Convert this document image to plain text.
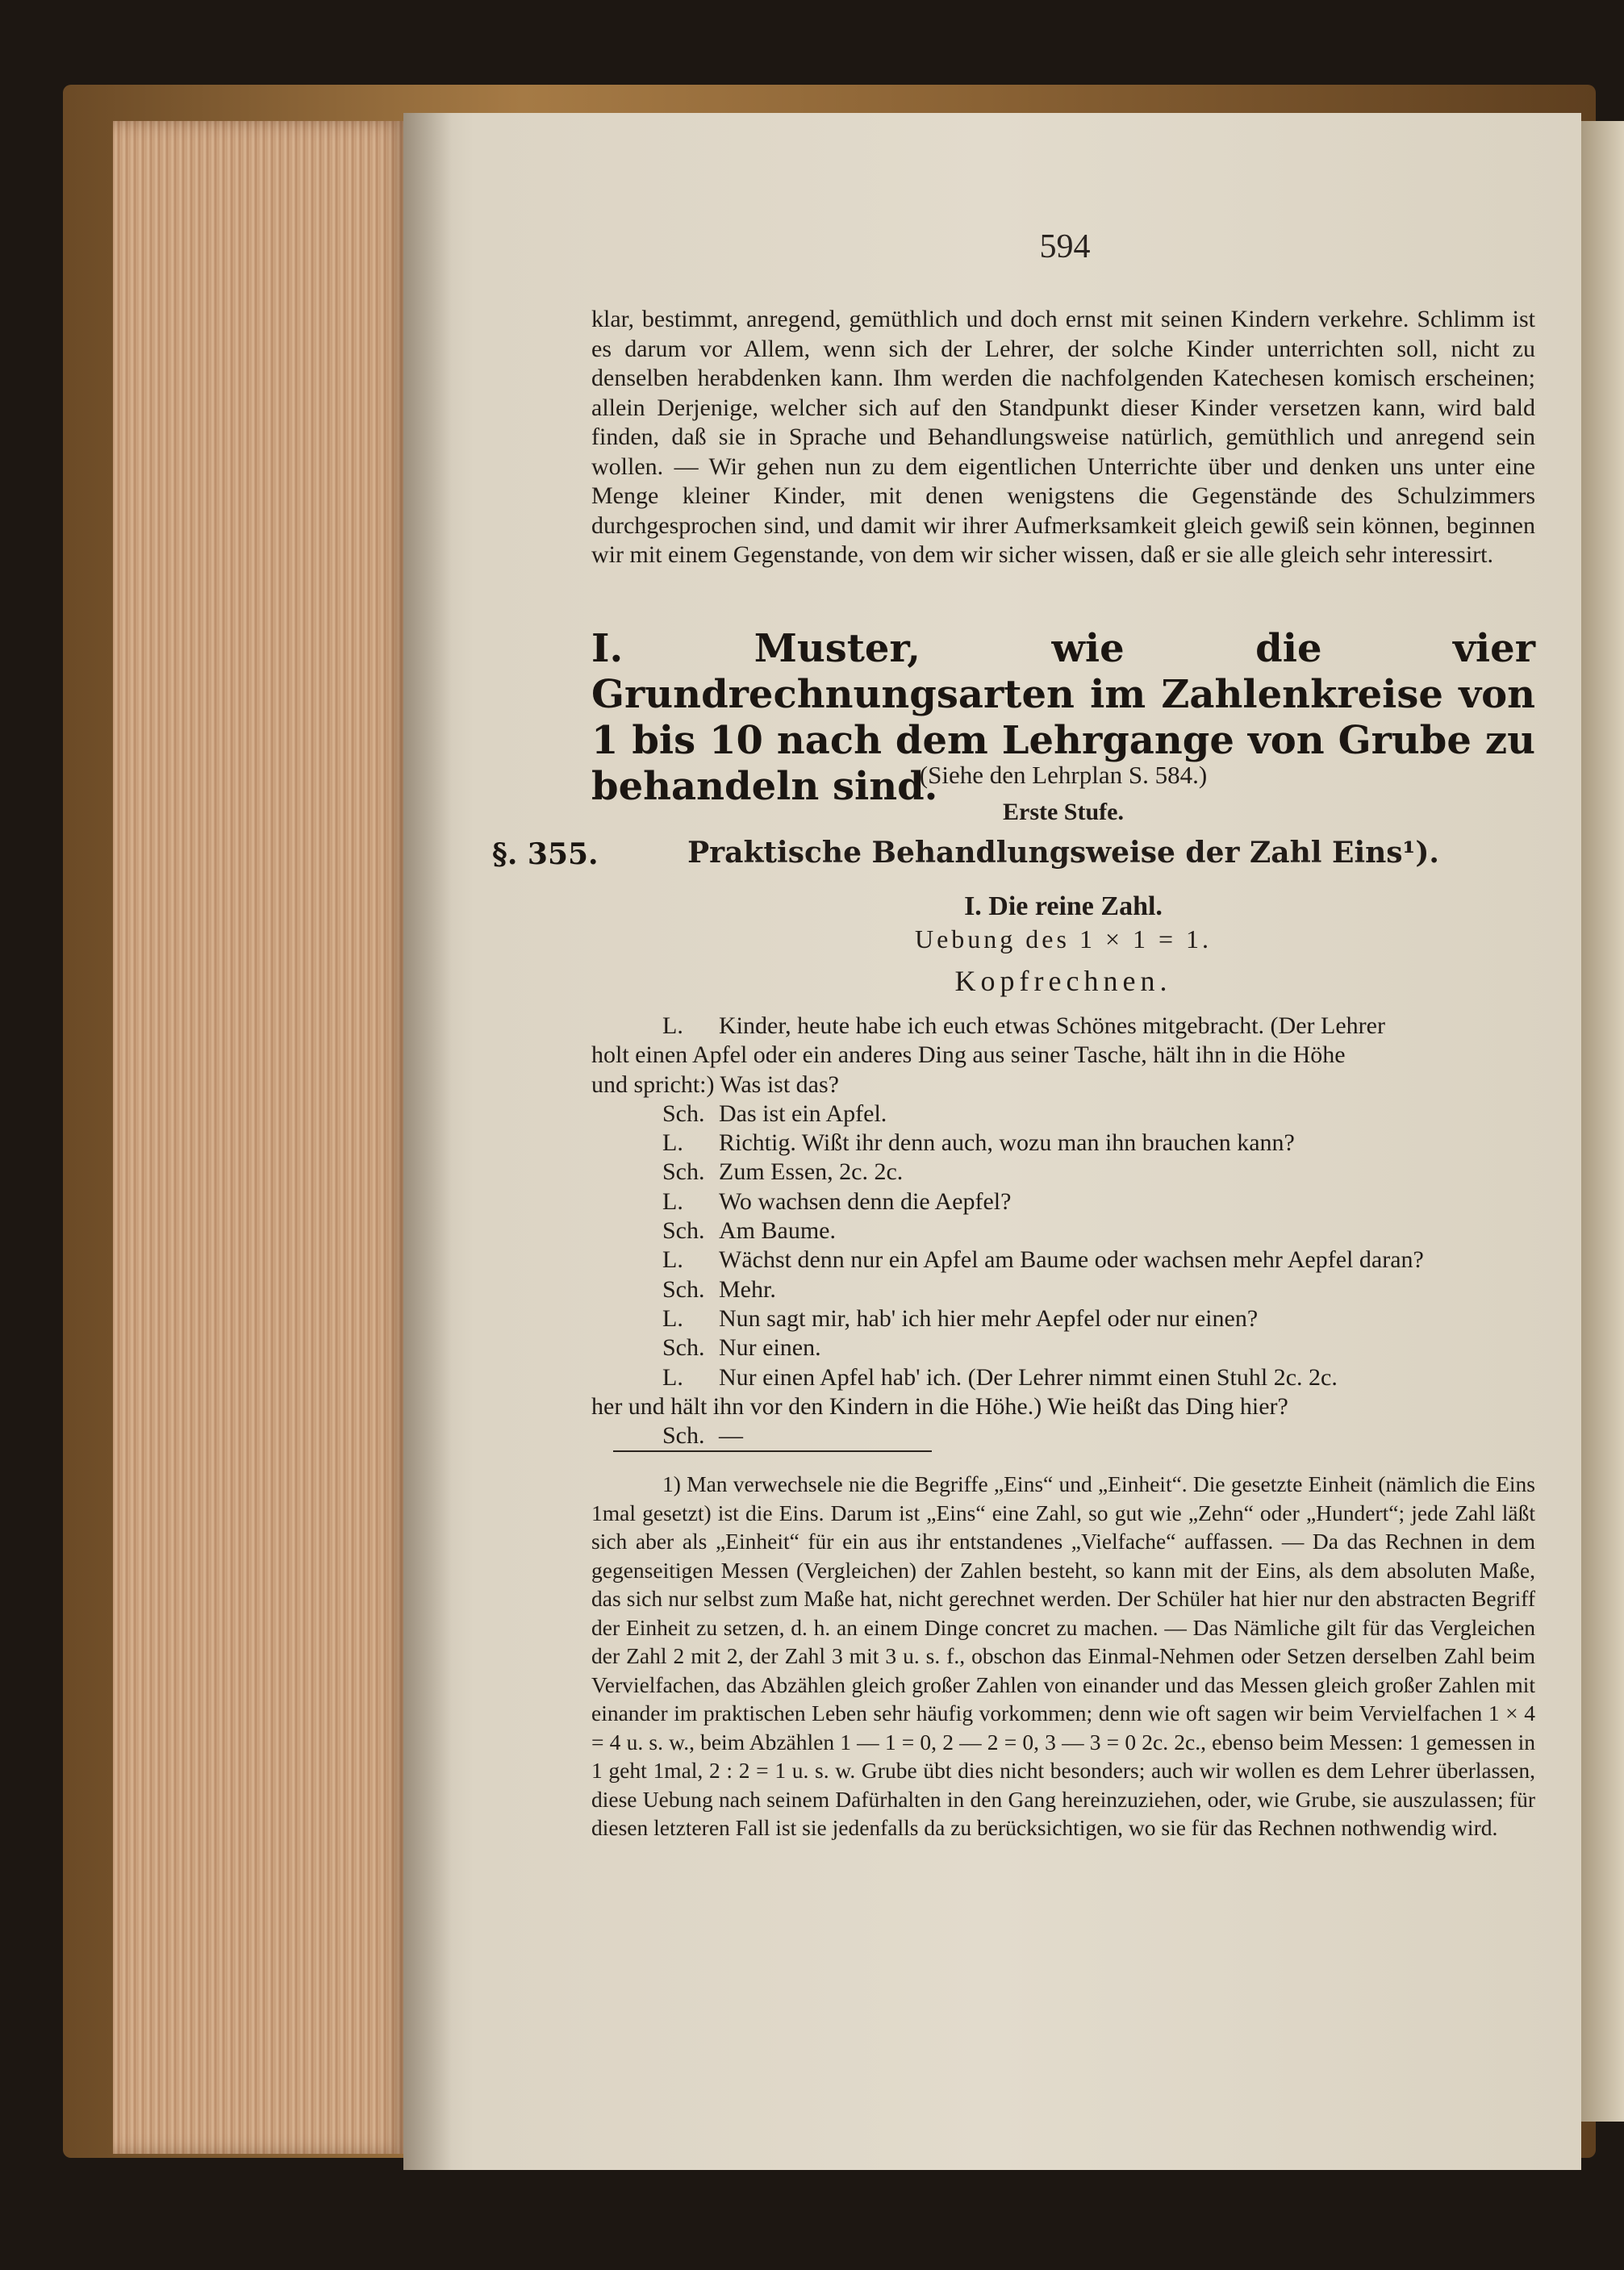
594
klar, bestimmt, anregend, gemüthlich und doch ernst mit seinen Kindern verkehre. Schlimm ist es darum vor Allem, wenn sich der Lehrer, der solche Kinder unterrichten soll, nicht zu denselben herabdenken kann. Ihm werden die nachfolgenden Katechesen komisch erscheinen; allein Derjenige, welcher sich auf den Standpunkt dieser Kinder versetzen kann, wird bald finden, daß sie in Sprache und Behandlungsweise natürlich, gemüthlich und anregend sein wollen. — Wir gehen nun zu dem eigentlichen Unterrichte über und denken uns unter eine Menge kleiner Kinder, mit denen wenigstens die Gegenstände des Schulzimmers durchgesprochen sind, und damit wir ihrer Aufmerksamkeit gleich gewiß sein können, beginnen wir mit einem Gegenstande, von dem wir sicher wissen, daß er sie alle gleich sehr interessirt.
I. Muster, wie die vier Grundrechnungsarten im Zahlenkreise von 1 bis 10 nach dem Lehrgange von Grube zu behandeln sind.
(Siehe den Lehrplan S. 584.)
Erste Stufe.
§. 355.	Praktische Behandlungsweise der Zahl Eins¹).
I. Die reine Zahl.
Uebung des 1 × 1 = 1.
Kopfrechnen.

L. Kinder, heute habe ich euch etwas Schönes mitgebracht. (Der Lehrer

holt einen Apfel oder ein anderes Ding aus seiner Tasche, hält ihn in die Höhe

und spricht:) Was ist das?

Sch. Das ist ein Apfel.

L. Richtig. Wißt ihr denn auch, wozu man ihn brauchen kann?

Sch. Zum Essen, 2c. 2c.

L. Wo wachsen denn die Aepfel?

Sch. Am Baume.

L. Wächst denn nur ein Apfel am Baume oder wachsen mehr Aepfel daran?

Sch. Mehr.

L. Nun sagt mir, hab' ich hier mehr Aepfel oder nur einen?

Sch. Nur einen.

L. Nur einen Apfel hab' ich. (Der Lehrer nimmt einen Stuhl 2c. 2c.

her und hält ihn vor den Kindern in die Höhe.) Wie heißt das Ding hier?

Sch. —

1) Man verwechsele nie die Begriffe „Eins“ und „Einheit“. Die gesetzte Einheit (nämlich die Eins 1mal gesetzt) ist die Eins. Darum ist „Eins“ eine Zahl, so gut wie „Zehn“ oder „Hundert“; jede Zahl läßt sich aber als „Einheit“ für ein aus ihr entstandenes „Vielfache“ auffassen. — Da das Rechnen in dem gegenseitigen Messen (Vergleichen) der Zahlen besteht, so kann mit der Eins, als dem absoluten Maße, das sich nur selbst zum Maße hat, nicht gerechnet werden. Der Schüler hat hier nur den abstracten Begriff der Einheit zu setzen, d. h. an einem Dinge concret zu machen. — Das Nämliche gilt für das Vergleichen der Zahl 2 mit 2, der Zahl 3 mit 3 u. s. f., obschon das Einmal-Nehmen oder Setzen derselben Zahl beim Vervielfachen, das Abzählen gleich großer Zahlen von einander und das Messen gleich großer Zahlen mit einander im praktischen Leben sehr häufig vorkommen; denn wie oft sagen wir beim Vervielfachen 1 × 4 = 4 u. s. w., beim Abzählen 1 — 1 = 0, 2 — 2 = 0, 3 — 3 = 0 2c. 2c., ebenso beim Messen: 1 gemessen in 1 geht 1mal, 2 : 2 = 1 u. s. w. Grube übt dies nicht besonders; auch wir wollen es dem Lehrer überlassen, diese Uebung nach seinem Dafürhalten in den Gang hereinzuziehen, oder, wie Grube, sie auszulassen; für diesen letzteren Fall ist sie jedenfalls da zu berücksichtigen, wo sie für das Rechnen nothwendig wird.
